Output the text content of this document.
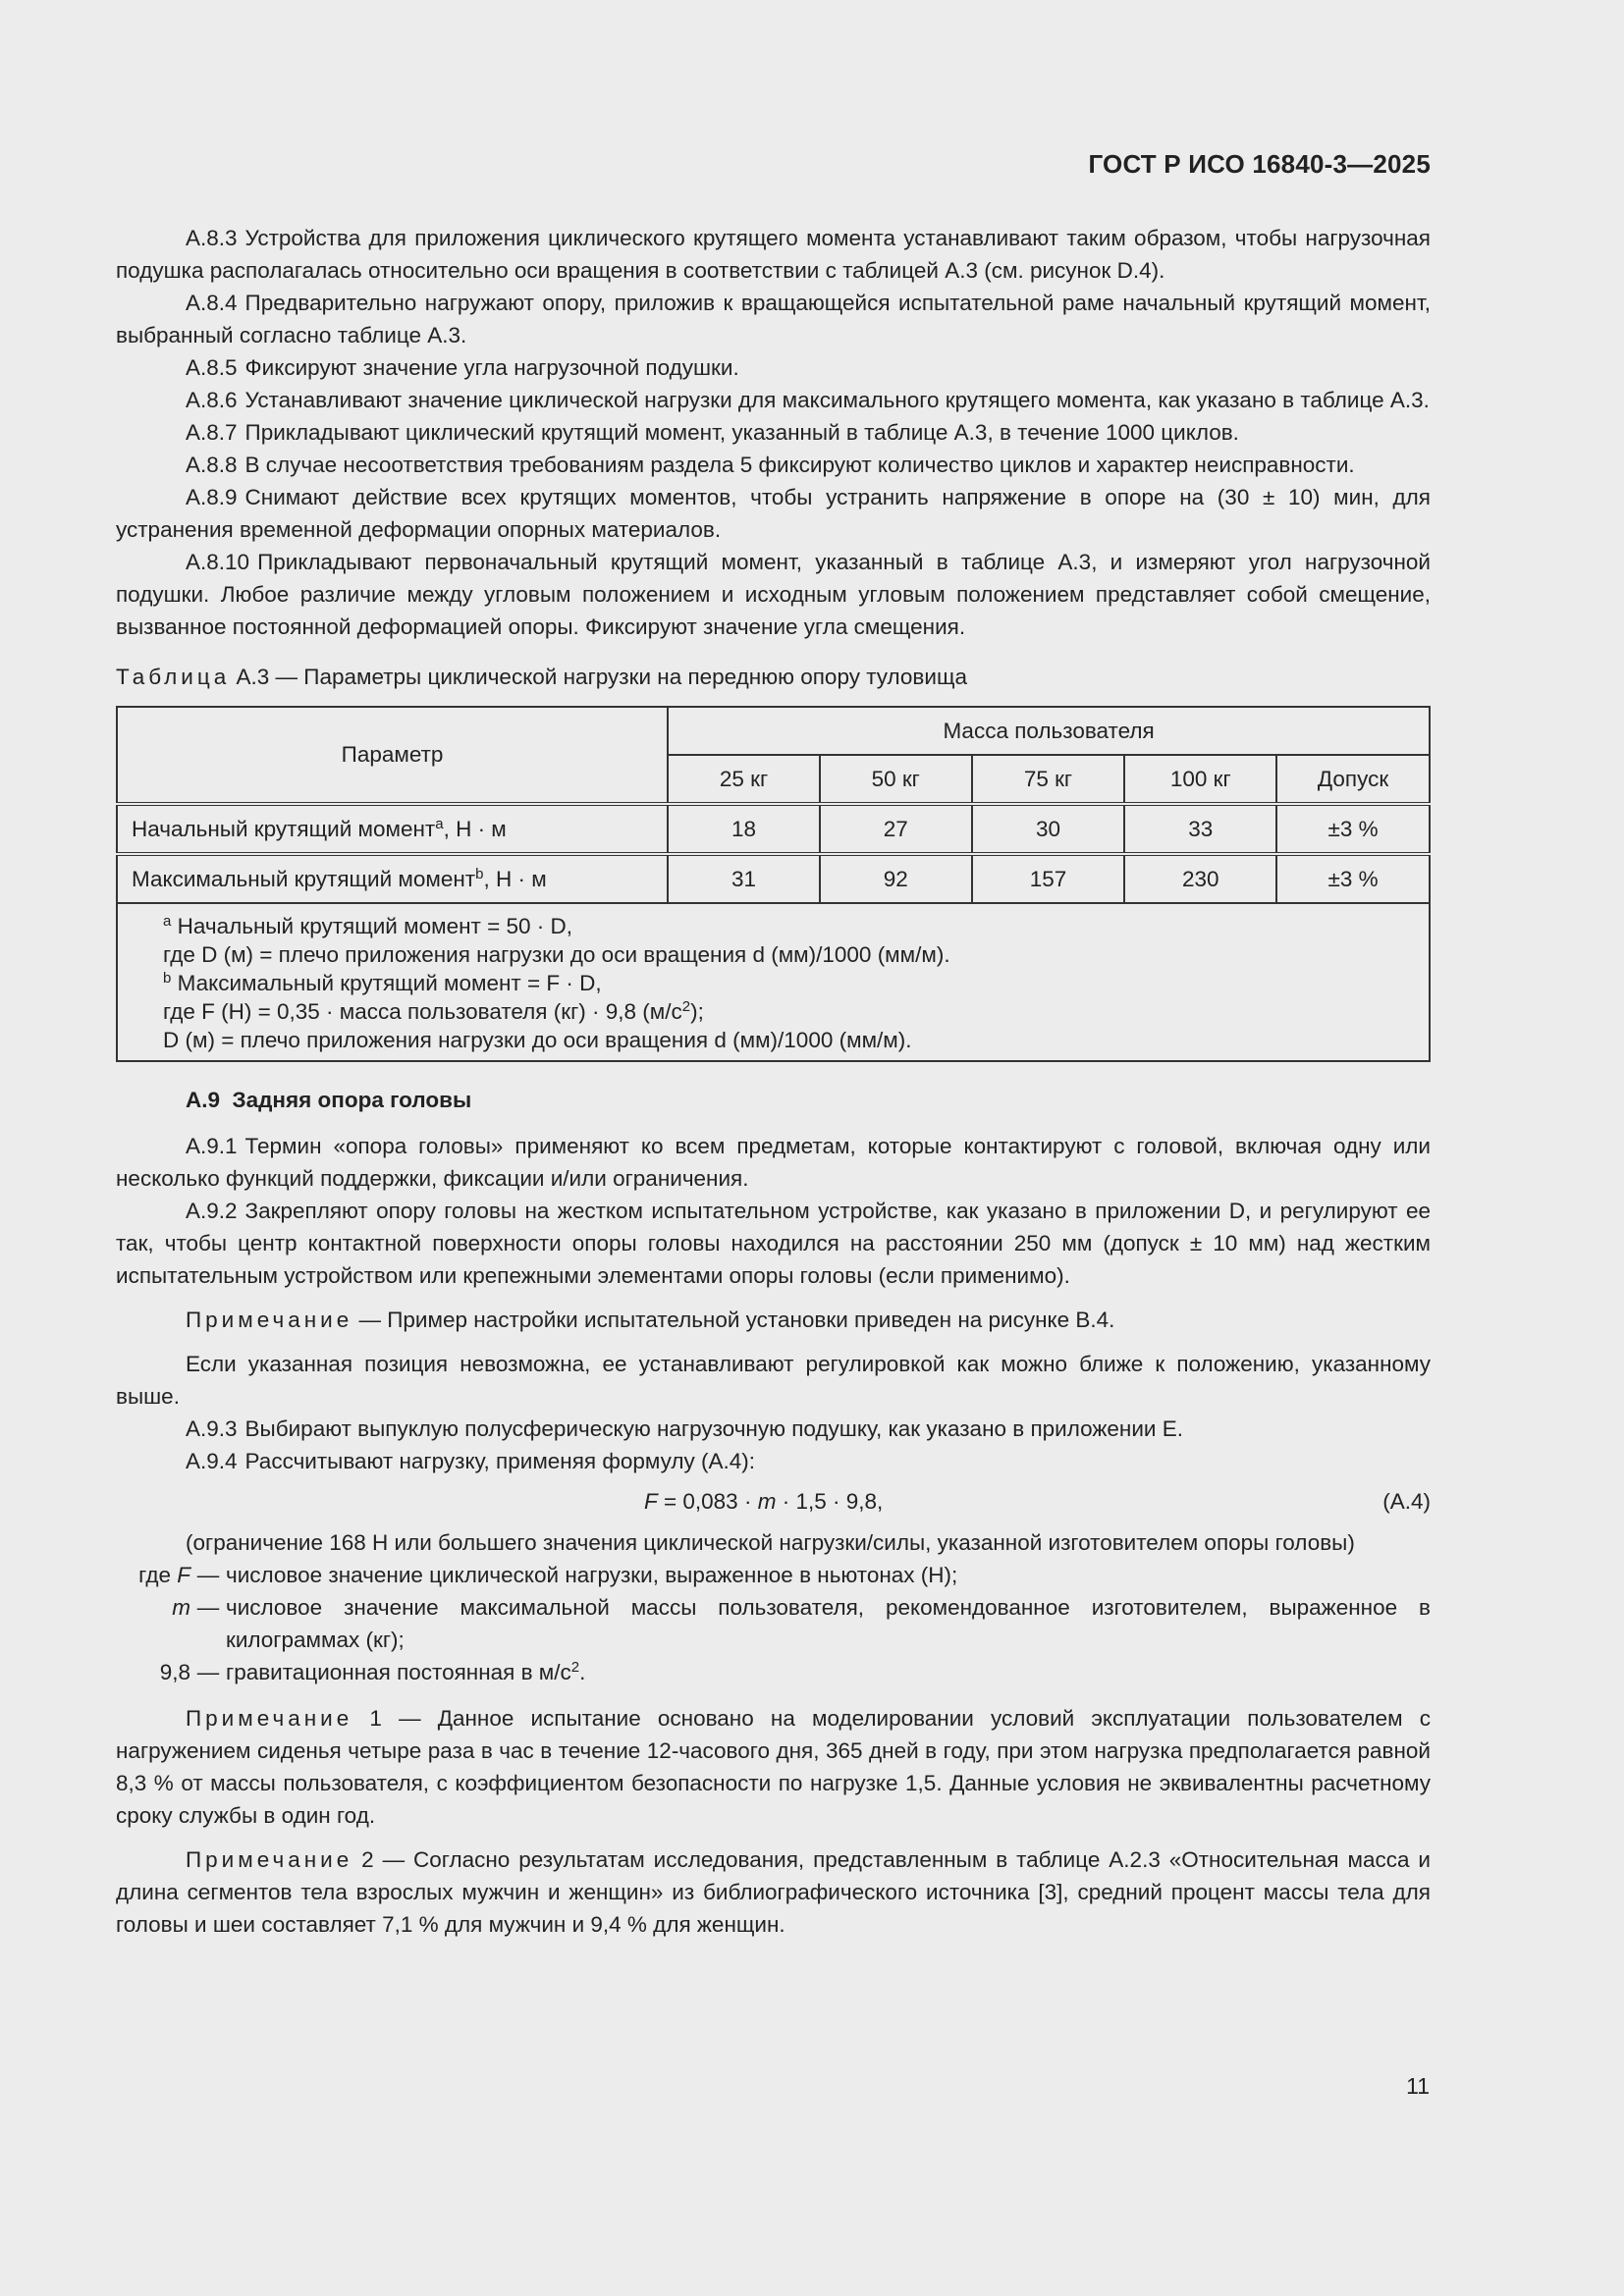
ГОСТ Р ИСО 16840-3—2025

А.8.3 Устройства для приложения циклического крутящего момента устанавливают таким образом, чтобы нагрузочная подушка располагалась относительно оси вращения в соответствии с таблицей А.3 (см. рисунок D.4).

А.8.4 Предварительно нагружают опору, приложив к вращающейся испытательной раме начальный крутящий момент, выбранный согласно таблице А.3.

А.8.5 Фиксируют значение угла нагрузочной подушки.

А.8.6 Устанавливают значение циклической нагрузки для максимального крутящего момента, как указано в таблице А.3.

А.8.7 Прикладывают циклический крутящий момент, указанный в таблице А.3, в течение 1000 циклов.

А.8.8 В случае несоответствия требованиям раздела 5 фиксируют количество циклов и характер неисправности.

А.8.9 Снимают действие всех крутящих моментов, чтобы устранить напряжение в опоре на (30 ± 10) мин, для устранения временной деформации опорных материалов.

А.8.10 Прикладывают первоначальный крутящий момент, указанный в таблице А.3, и измеряют угол нагрузочной подушки. Любое различие между угловым положением и исходным угловым положением представляет собой смещение, вызванное постоянной деформацией опоры. Фиксируют значение угла смещения.

Таблица А.3 — Параметры циклической нагрузки на переднюю опору туловища

Параметр	Масса пользователя				
	25 кг	50 кг	75 кг	100 кг	Допуск
Начальный крутящий момент$^a$, Н · м	18	27	30	33	±3 %
Максимальный крутящий момент$^b$, Н · м	31	92	157	230	±3 %

$^a$ Начальный крутящий момент = 50 · D,
где D (м) = плечо приложения нагрузки до оси вращения d (мм)/1000 (мм/м).
$^b$ Максимальный крутящий момент = F · D,
где F (Н) = 0,35 · масса пользователя (кг) · 9,8 $(м/с^2)$;
D (м) = плечо приложения нагрузки до оси вращения d (мм)/1000 (мм/м).					

А.9 Задняя опора головы

А.9.1 Термин «опора головы» применяют ко всем предметам, которые контактируют с головой, включая одну или несколько функций поддержки, фиксации и/или ограничения.

А.9.2 Закрепляют опору головы на жестком испытательном устройстве, как указано в приложении D, и регулируют ее так, чтобы центр контактной поверхности опоры головы находился на расстоянии 250 мм (допуск ± 10 мм) над жестким испытательным устройством или крепежными элементами опоры головы (если применимо).

Примечание — Пример настройки испытательной установки приведен на рисунке В.4.

Если указанная позиция невозможна, ее устанавливают регулировкой как можно ближе к положению, указанному выше.

А.9.3 Выбирают выпуклую полусферическую нагрузочную подушку, как указано в приложении E.

А.9.4 Рассчитывают нагрузку, применяя формулу (А.4):

F = 0,083 · m · 1,5 · 9,8,	(А.4)

(ограничение 168 Н или большего значения циклической нагрузки/силы, указанной изготовителем опоры головы)

где F — числовое значение циклической нагрузки, выраженное в ньютонах (Н);
m — числовое значение максимальной массы пользователя, рекомендованное изготовителем, выраженное в килограммах (кг);
9,8 — гравитационная постоянная в $м/с^2$.

Примечание 1 — Данное испытание основано на моделировании условий эксплуатации пользователем с нагружением сиденья четыре раза в час в течение 12-часового дня, 365 дней в году, при этом нагрузка предполагается равной 8,3 % от массы пользователя, с коэффициентом безопасности по нагрузке 1,5. Данные условия не эквивалентны расчетному сроку службы в один год.

Примечание 2 — Согласно результатам исследования, представленным в таблице А.2.3 «Относительная масса и длина сегментов тела взрослых мужчин и женщин» из библиографического источника [3], средний процент массы тела для головы и шеи составляет 7,1 % для мужчин и 9,4 % для женщин.

11
